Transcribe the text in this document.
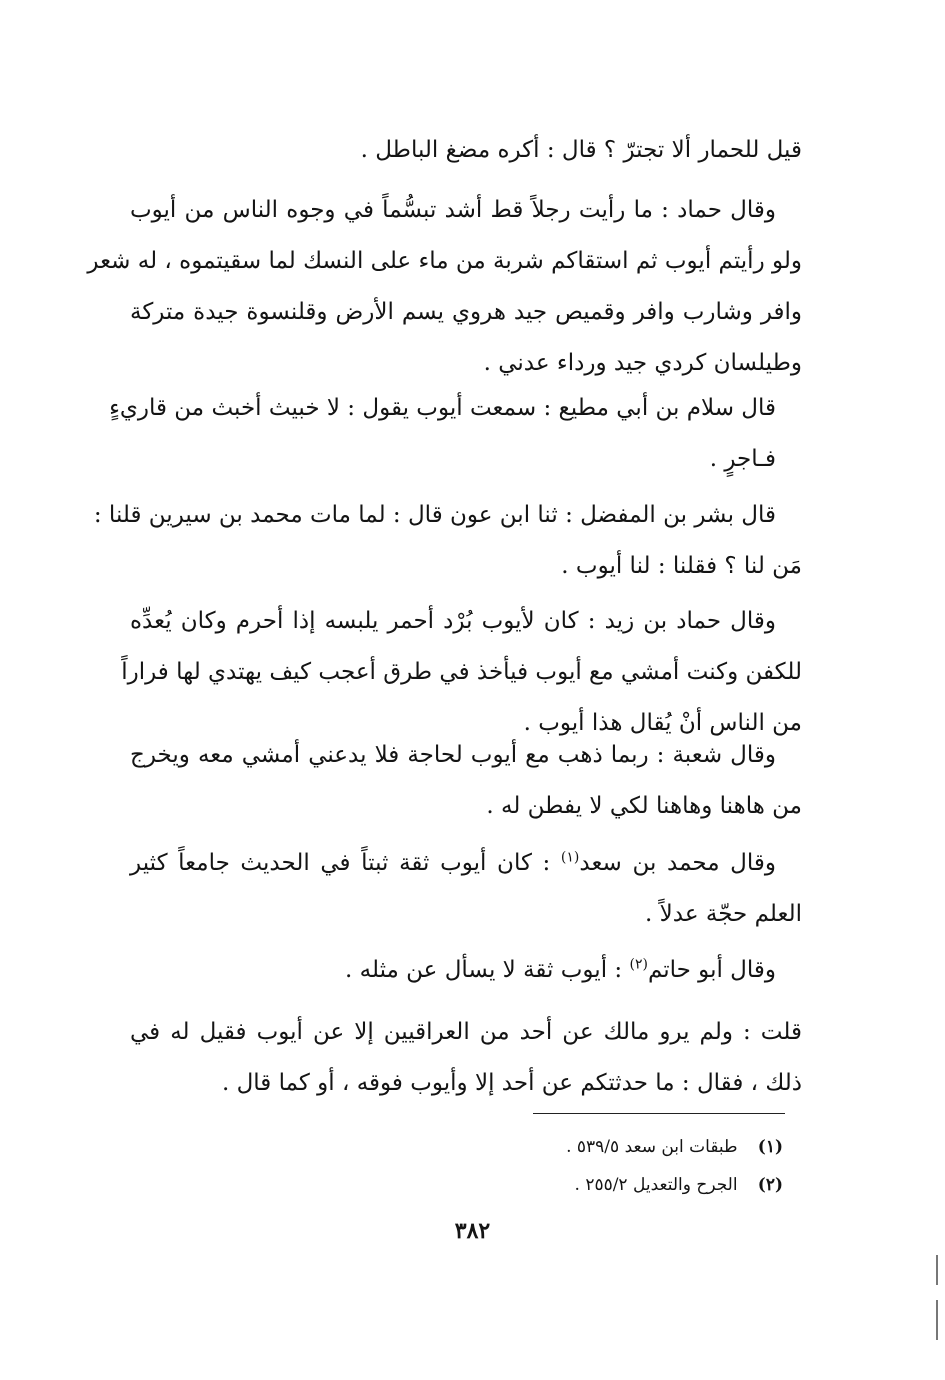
قيل للحمار ألا تجترّ ؟ قال : أكره مضغ الباطل .
وقال حماد : ما رأيت رجلاً قط أشد تبسُّماً في وجوه الناس من أيوب
ولو رأيتم أيوب ثم استقاكم شربة من ماء على النسك لما سقيتموه ، له شعر
وافر وشارب وافر وقميص جيد هروي يسم الأرض وقلنسوة جيدة متركة
وطيلسان كردي جيد ورداء عدني .
قال سلام بن أبي مطيع : سمعت أيوب يقول : لا خبيث أخبث من قاريءٍ
فـاجرٍ .
قال بشر بن المفضل : ثنا ابن عون قال : لما مات محمد بن سيرين قلنا :
مَن لنا ؟ فقلنا : لنا أيوب .
وقال حماد بن زيد : كان لأيوب بُرْد أحمر يلبسه إذا أحرم وكان يُعدِّه
للكفن وكنت أمشي مع أيوب فيأخذ في طرق أعجب كيف يهتدي لها فراراً
من الناس أنْ يُقال هذا أيوب .
وقال شعبة : ربما ذهب مع أيوب لحاجة فلا يدعني أمشي معه ويخرج
من هاهنا وهاهنا لكي لا يفطن له .
وقال محمد بن سعد$^{(١)}$ : كان أيوب ثقة ثبتاً في الحديث جامعاً كثير
العلم حجّة عدلاً .
وقال أبو حاتم$^{(٢)}$ : أيوب ثقة لا يسأل عن مثله .
قلت : ولم يرو مالك عن أحد من العراقيين إلا عن أيوب فقيل له في
ذلك ، فقال : ما حدثتكم عن أحد إلا وأيوب فوقه ، أو كما قال .
(١) طبقات ابن سعد ٥٣٩/٥ .
(٢) الجرح والتعديل ٢٥٥/٢ .
٣٨٢
